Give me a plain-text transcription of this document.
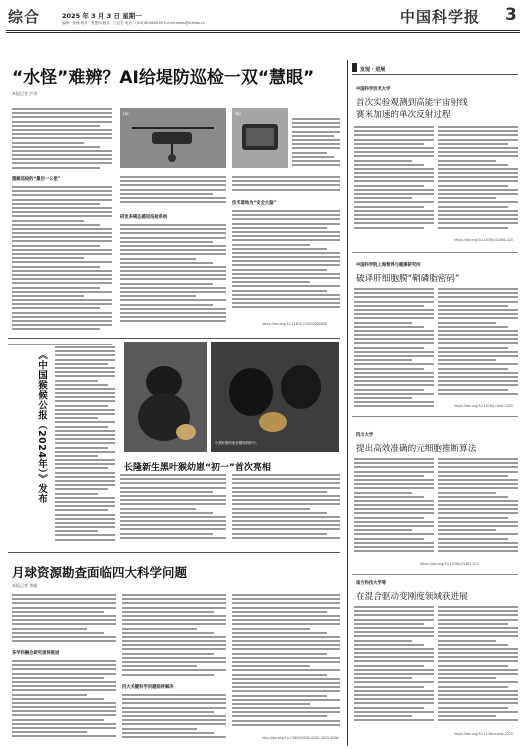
综合	2025 年 3 月 3 日 星期一
编辑：张楠 校对：张思玮 版式：王志宏 电话：(010)62580616 E-mail:news@stimes.cn	中国科学报 3
“水怪”难辨？AI给堤防巡检一双“慧眼”
本报记者 严涛
理解巡检的“最后一公里”
(a)	(b)
研发多模态感知巡检系统
技术落地为“安全大脑”
https://doi.org/10.1162/J.DOI/00000000
《中国猴候公报（2024年）》发布	小黑叶猴幼崽在猴妈妈怀中。
长隆新生黑叶猴幼崽“初一”首次亮相
月球资源勘查面临四大科学问题
本报记者 李媛
多学科融合研究亟待推进
四大关键科学问题亟待解决
http://doi.org/10.1360/S0000-0000-2025-0000
发现 · 进展
中国科学技术大学
首次实验观测到高能宇宙射线
赛米加速的单次反射过程
https://doi.org/10.1038/s41586-025
中国科学院上海营养与健康研究所
破译肝细胞膜“鞘磷脂密码”
https://doi.org/10.1016/j.cmet.2025
四川大学
提出高效准确的元细胞推断算法
https://doi.org/10.1038/s41467-025
南方科技大学等
在混合驱动变刚度领域获进展
https://doi.org/10.1126/sciadv.2025
